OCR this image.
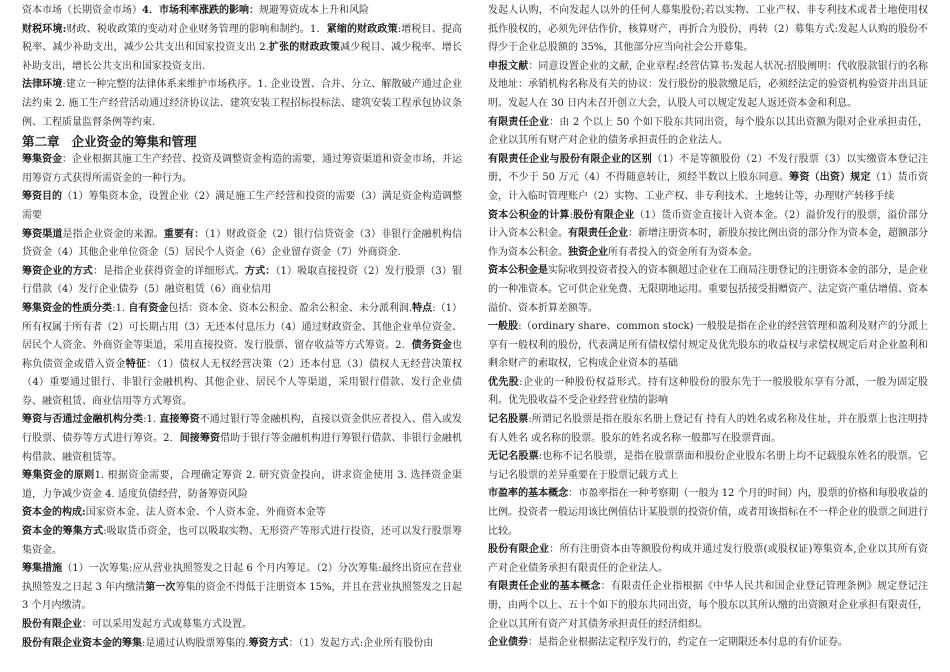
资本市场（长期资金市场）4．市场利率涨跌的影响：规避筹资成本上升和风险

财税环境:财政、税收政策的变动对企业财务管理的影响和制约。1．紧缩的财政政策:增税目、提高税率、减少补助支出，减少公共支出和国家投资支出 2.扩张的财政政策减少税目、减少税率、增长补助支出，增长公共支出和国家投资支出.

法律环境:建立一种完整的法律体系来维护市场秩序。1. 企业设置、合并、分立、解散破产通过企业法约束 2. 施工生产经营活动通过经济协议法、建筑安装工程招标投标法、建筑安装工程承包协议条例、工程质量监督条例等约束.

第二章 企业资金的筹集和管理

筹集资金：企业根据其施工生产经营、投资及调整资金构造的需要，通过筹资渠道和资金市场，并运用筹资方式获得所需资金的一种行为。

筹资目的（1）筹集资本金，设置企业（2）满足施工生产经营和投资的需要（3）满足资金构造调整需要

筹资渠道是指企业资金的来源。重要有：（1）财政资金（2）银行信贷资金（3）非银行金融机构信贷资金（4）其他企业单位资金（5）居民个人资金（6）企业留存资金（7）外商资金.

筹资企业的方式：是指企业获得资金的详细形式。方式：（1）吸取直接投资（2）发行股票（3）银行借款（4）发行企业债券（5）融资租赁（6）商业信用

筹集资金的性质分类:1. 自有资金包括：资本金、资本公积金、盈余公积金、未分派利润.特点:（1）所有权属于所有者（2）可长期占用（3）无还本付息压力（4）通过财政资金、其他企业单位资金、居民个人资金、外商资金等渠道，采用直接投资、发行股票、留存收益等方式筹资。2．债务资金也称负债资金或借入资金特征：（1）债权人无权经营决策（2）还本付息（3）债权人无经营决策权（4）重要通过银行、非银行金融机构、其他企业、居民个人等渠道，采用银行借款、发行企业债券、融资租赁、商业信用等方式筹资。

筹资与否通过金融机构分类:1. 直接筹资不通过银行等金融机构，直接以资金供应者投入、借入或发行股票、债券等方式进行筹资。2．间接筹资借助于银行等金融机构进行筹银行借款、非银行金融机构借款、融资租赁等。

筹集资金的原则1. 根据资金需要，合理确定筹资 2. 研究资金投向，讲求资金使用 3. 选择资金渠道，力争减少资金 4. 适度负债经营，防备筹资风险

资本金的构成:国家资本金、法人资本金、个人资本金、外商资本金等

资本金的筹集方式:吸取货币资金，也可以吸取实物、无形资产等形式进行投资，还可以发行股票筹集资金。

筹集措施（1）一次筹集:应从营业执照签发之日起 6 个月内筹足。（2）分次筹集:最终出资应在营业执照签发之日起 3 年内缴清第一次筹集的资金不得低于注册资本 15%，并且在营业执照签发之日起 3 个月内缴清。

股份有限企业：可以采用发起方式或募集方式设置。

股份有限企业资本金的筹集:是通过认购股票筹集的.筹资方式：（1）发起方式:企业所有股份由

发起人认购，不向发起人以外的任何人募集股份;若以实物、工业产权、非专利技术或者土地使用权抵作股权的，必须先评估作价，核算财产，再折合为股份，再转（2）募集方式:发起人认购的股份不得少于企业总股额的 35%，其他部分应当向社会公开募集。

申报文献：同意设置企业的文献, 企业章程:经营估算书:发起人状况:招股阐明：代收股款银行的名称及地址：承销机构名称及有关的协议：发行股份的股款缴足后，必须经法定的验资机构验资并出具证明。发起人在 30 日内未召开创立大会，认股人可以规定发起人返还资本金和利息。

有限责任企业：由 2 个以上 50 个如下股东共同出资，每个股东以其出资额为限对企业承担责任，企业以其所有财产对企业的债务承担责任的企业法人。

有限责任企业与股份有限企业的区别（1）不是等额股份（2）不发行股票（3）以实缴资本登记注册，不少于 50 万元（4）不得随意转让，须经半数以上股东同意。筹资（出资）规定（1）货币资金，计入临时管理账户（2）实物、工业产权、非专利技术、土地转让等，办理财产转移手续

资本公积金的计算:股份有限企业（1）货币资金直接计入资本金。（2）溢价发行的股票，溢价部分计入资本公积金。有限责任企业：新增注册资本时，新股东按比例出资的部分作为资本金，超额部分作为资本公积金。独资企业所有者投入的资金所有为资本金。

资本公积金是实际收到投资者投入的资本额超过企业在工商局注册登记的注册资本金的部分，是企业的一种准资本。它可供企业免费、无限期地运用。重要包括接受捐赠资产、法定资产重估增值、资本溢价、资本折算差额等。

一般股:（ordinary share、common stock) 一般股是指在企业的经营管理和盈利及财产的分派上享有一般权利的股份，代表满足所有债权偿付规定及优先股东的收益权与求偿权规定后对企业盈利和剩余财产的索取权，它构成企业资本的基础

优先股:企业的一种股份权益形式。持有这种股份的股东先于一般股股东享有分派，一般为固定股利。优先股收益不受企业经营业绩的影响

记名股票:所谓记名股票是指在股东名册上登记有 持有人的姓名或名称及住址，并在股票上也注明持有人姓名 或名称的股票。股东的姓名或名称一般都写在股票背面。

无记名股票:也称不记名股票，是指在股票票面和股份企业股东名册上均不记载股东姓名的股票。它与记名股票的差异重要在于股票记载方式上

市盈率的基本概念：市盈率指在一种考察期（一般为 12 个月的时间）内，股票的价格和每股收益的比例。投资者一般运用该比例值估计某股票的投资价值，或者用该指标在不一样企业的股票之间进行比较。

股份有限企业：所有注册资本由等额股份构成并通过发行股票(或股权证)筹集资本,企业以其所有资产对企业债务承担有限责任的企业法人。

有限责任企业的基本概念：有限责任企业指根据《中华人民共和国企业登记管理条例》规定登记注册，由两个以上、五十个如下的股东共同出资，每个股东以其所认缴的出资额对企业承担有限责任，企业以其所有资产对其债务承担责任的经济组织。

企业债券：是指企业根据法定程序发行的，约定在一定期限还本付息的有价证券。
